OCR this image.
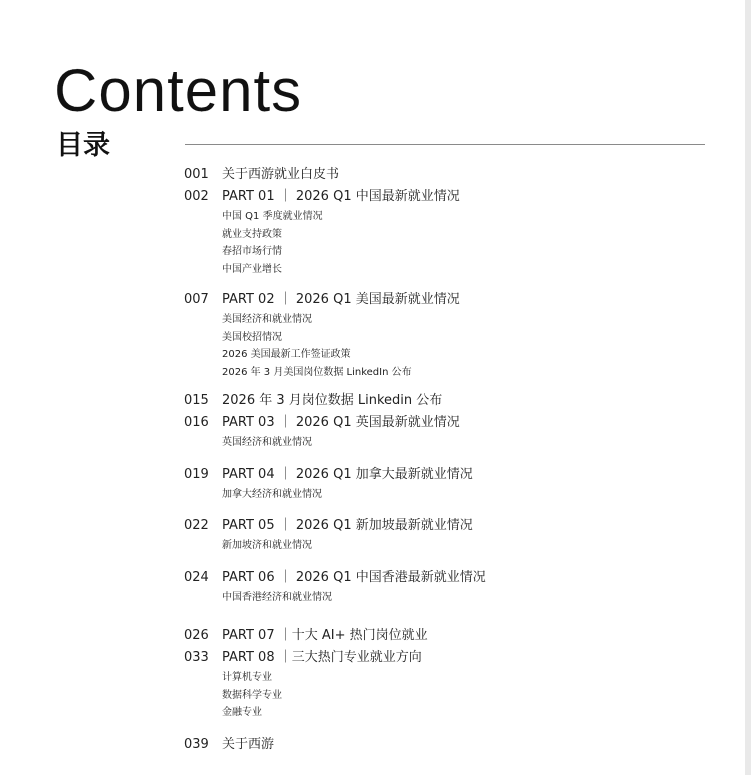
Contents
目录
001	关于西游就业白皮书
002	PART 01 ｜ 2026 Q1 中国最新就业情况
中国 Q1 季度就业情况
就业支持政策
春招市场行情
中国产业增长
007	PART 02 ｜ 2026 Q1 美国最新就业情况
美国经济和就业情况
美国校招情况
2026 美国最新工作签证政策
2026 年 3 月美国岗位数据 LinkedIn 公布
015	2026 年 3 月岗位数据 Linkedin 公布
016	PART 03 ｜ 2026 Q1 英国最新就业情况
英国经济和就业情况
019	PART 04 ｜ 2026 Q1 加拿大最新就业情况
加拿大经济和就业情况
022	PART 05 ｜ 2026 Q1 新加坡最新就业情况
新加坡济和就业情况
024	PART 06 ｜ 2026 Q1 中国香港最新就业情况
中国香港经济和就业情况
026	PART 07 ｜十大 AI+ 热门岗位就业
033	PART 08 ｜三大热门专业就业方向
计算机专业
数据科学专业
金融专业
039	关于西游
